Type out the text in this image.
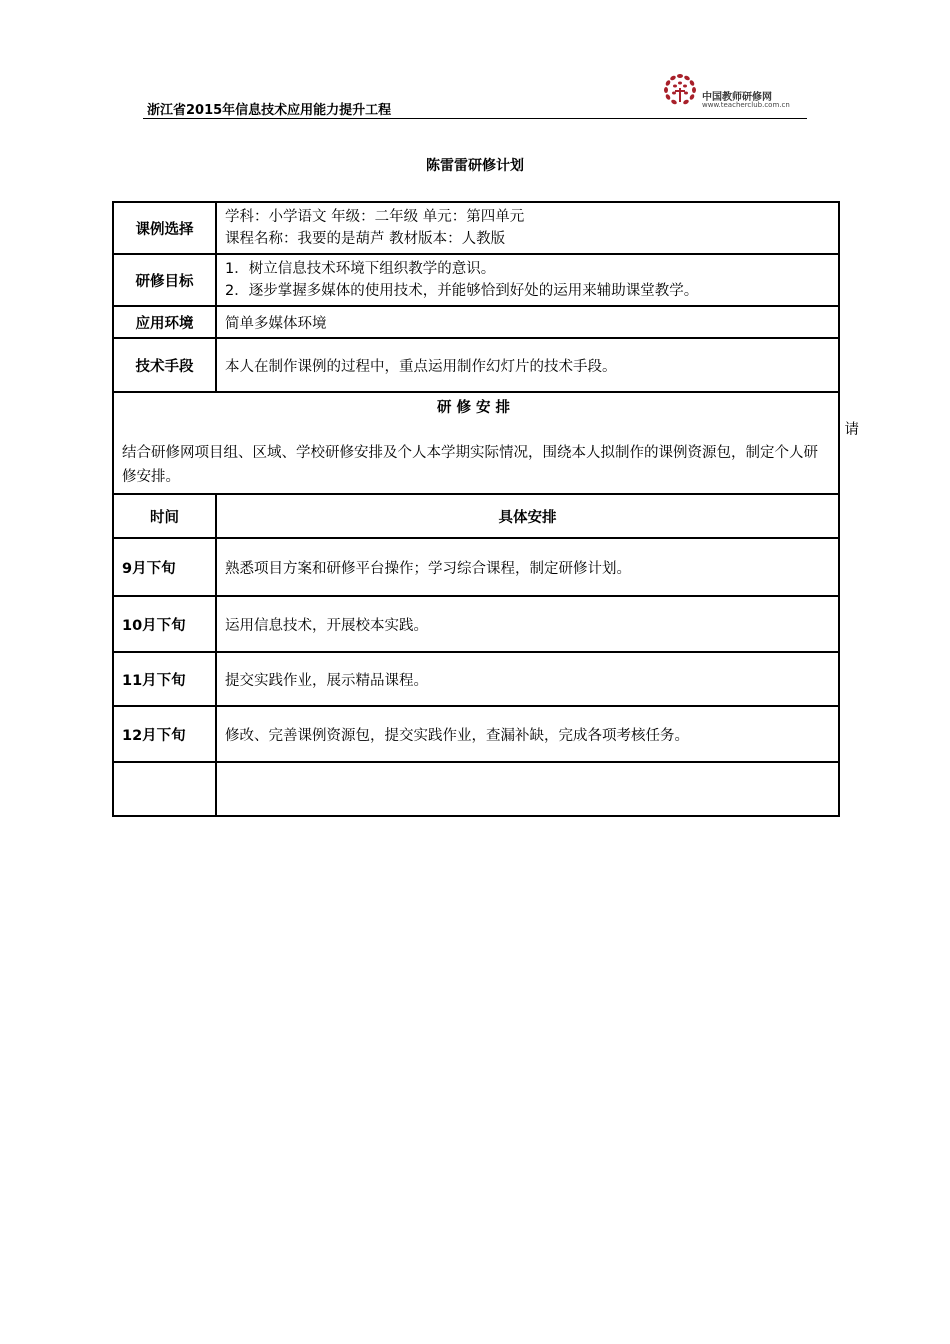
浙江省2015年信息技术应用能力提升工程
中国教师研修网
www.teacherclub.com.cn
陈雷雷研修计划
课例选择	学科：小学语文 年级：二年级 单元：第四单元
课程名称：我要的是葫芦 教材版本：人教版

研修目标	1．树立信息技术环境下组织教学的意识。
2．逐步掌握多媒体的使用技术，并能够恰到好处的运用来辅助课堂教学。

应用环境	简单多媒体环境
技术手段	本人在制作课例的过程中，重点运用制作幻灯片的技术手段。

研修安排
请
结合研修网项目组、区域、学校研修安排及个人本学期实际情况，围绕本人拟制作的课例资源包，制定个人研修安排。	

时间	具体安排
9月下旬	熟悉项目方案和研修平台操作；学习综合课程，制定研修计划。
10月下旬	运用信息技术，开展校本实践。
11月下旬	提交实践作业，展示精品课程。
12月下旬	修改、完善课例资源包，提交实践作业，查漏补缺，完成各项考核任务。
